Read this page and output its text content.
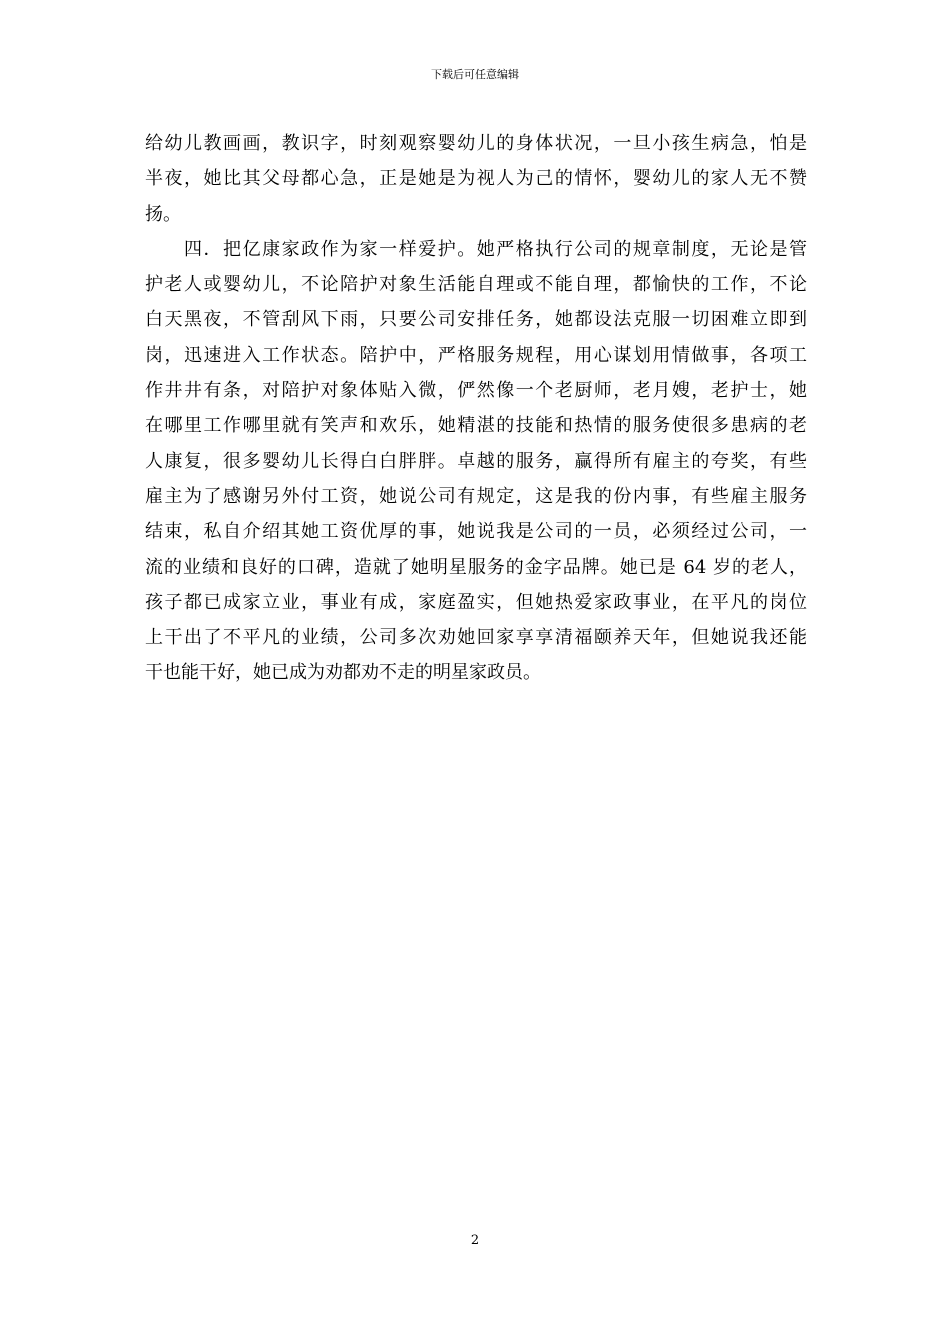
下载后可任意编辑
给幼儿教画画，教识字，时刻观察婴幼儿的身体状况，一旦小孩生病急，怕是
半夜，她比其父母都心急，正是她是为视人为己的情怀，婴幼儿的家人无不赞
扬。
　　四．把亿康家政作为家一样爱护。她严格执行公司的规章制度，无论是管
护老人或婴幼儿，不论陪护对象生活能自理或不能自理，都愉快的工作，不论
白天黑夜，不管刮风下雨，只要公司安排任务，她都设法克服一切困难立即到
岗，迅速进入工作状态。陪护中，严格服务规程，用心谋划用情做事，各项工
作井井有条，对陪护对象体贴入微，俨然像一个老厨师，老月嫂，老护士，她
在哪里工作哪里就有笑声和欢乐，她精湛的技能和热情的服务使很多患病的老
人康复，很多婴幼儿长得白白胖胖。卓越的服务，赢得所有雇主的夸奖，有些
雇主为了感谢另外付工资，她说公司有规定，这是我的份内事，有些雇主服务
结束，私自介绍其她工资优厚的事，她说我是公司的一员，必须经过公司，一
流的业绩和良好的口碑，造就了她明星服务的金字品牌。她已是 64 岁的老人，
孩子都已成家立业，事业有成，家庭盈实，但她热爱家政事业，在平凡的岗位
上干出了不平凡的业绩，公司多次劝她回家享享清福颐养天年，但她说我还能
干也能干好，她已成为劝都劝不走的明星家政员。
2
